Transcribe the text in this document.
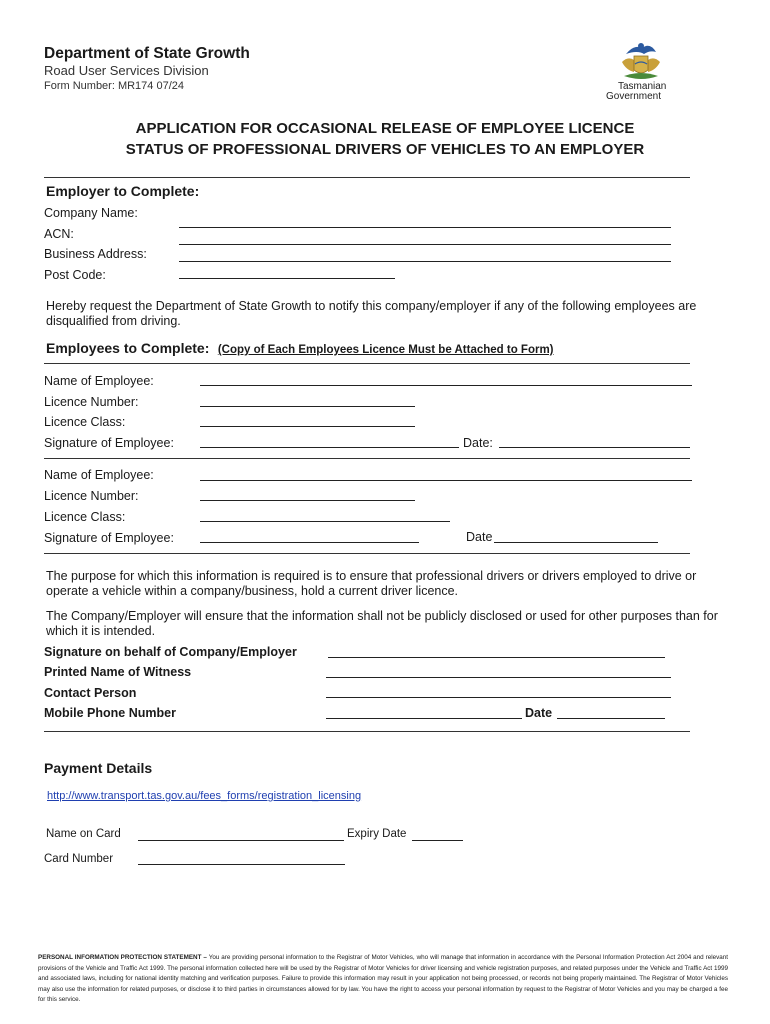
Department of State Growth
Road User Services Division
Form Number: MR174 07/24	Tasmanian
Government
APPLICATION FOR OCCASIONAL RELEASE OF EMPLOYEE LICENCE
STATUS OF PROFESSIONAL DRIVERS OF VEHICLES TO AN EMPLOYER
Employer to Complete:
Company Name:
ACN:
Business Address:
Post Code:
Hereby request the Department of State Growth to notify this company/employer if any of the following employees are disqualified from driving.
Employees to Complete: (Copy of Each Employees Licence Must be Attached to Form)
Name of Employee:
Licence Number:
Licence Class:
Signature of Employee:	Date:
Name of Employee:
Licence Number:
Licence Class:
Signature of Employee:	Date
The purpose for which this information is required is to ensure that professional drivers or drivers employed to drive or operate a vehicle within a company/business, hold a current driver licence.
The Company/Employer will ensure that the information shall not be publicly disclosed or used for other purposes than for which it is intended.
Signature on behalf of Company/Employer
Printed Name of Witness
Contact Person
Mobile Phone Number	Date
Payment Details
http://www.transport.tas.gov.au/fees_forms/registration_licensing
Name on Card	Expiry Date
Card Number
PERSONAL INFORMATION PROTECTION STATEMENT – You are providing personal information to the Registrar of Motor Vehicles, who will manage that information in accordance with the Personal Information Protection Act 2004 and relevant provisions of the Vehicle and Traffic Act 1999. The personal information collected here will be used by the Registrar of Motor Vehicles for driver licensing and vehicle registration purposes, and related purposes under the Vehicle and Traffic Act 1999 and associated laws, including for national identity matching and verification purposes. Failure to provide this information may result in your application not being processed, or records not being properly maintained. The Registrar of Motor Vehicles may also use the information for related purposes, or disclose it to third parties in circumstances allowed for by law. You have the right to access your personal information by request to the Registrar of Motor Vehicles and you may be charged a fee for this service.
